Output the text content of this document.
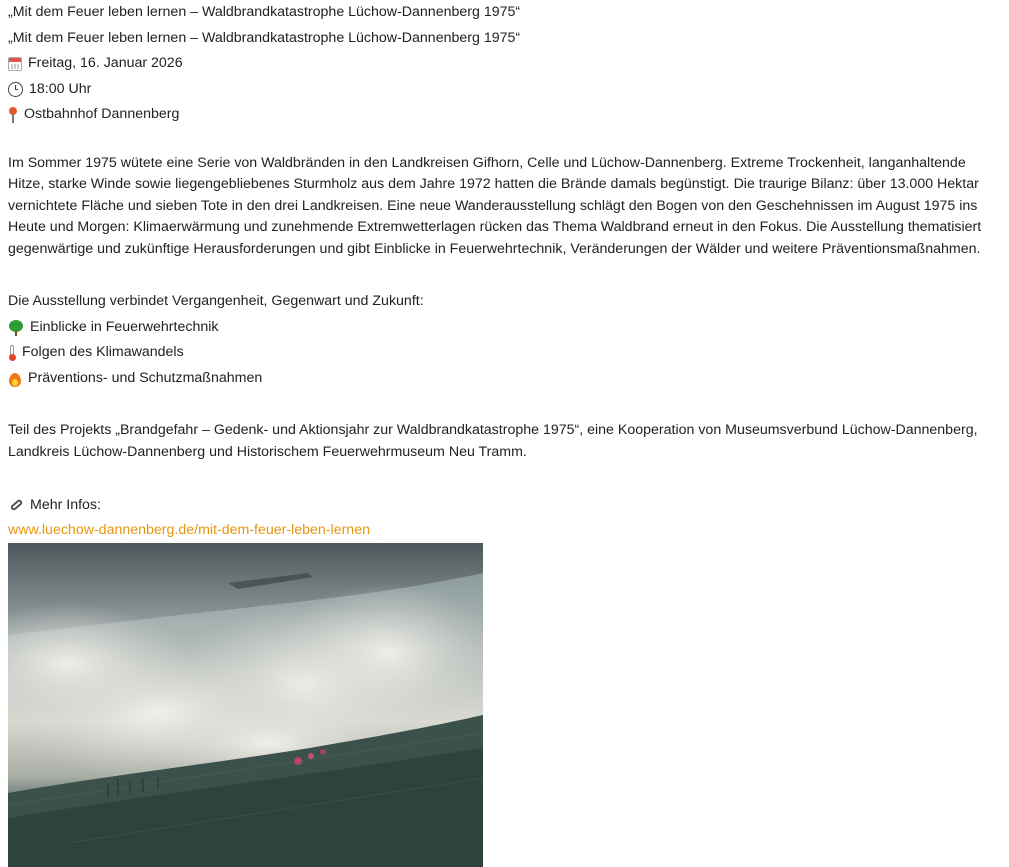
„Mit dem Feuer leben lernen – Waldbrandkatastrophe Lüchow-Dannenberg 1975“
„Mit dem Feuer leben lernen – Waldbrandkatastrophe Lüchow-Dannenberg 1975“
Freitag, 16. Januar 2026
18:00 Uhr
Ostbahnhof Dannenberg

Im Sommer 1975 wütete eine Serie von Waldbränden in den Landkreisen Gifhorn, Celle und Lüchow-Dannenberg. Extreme Trockenheit, langanhaltende Hitze, starke Winde sowie liegengebliebenes Sturmholz aus dem Jahre 1972 hatten die Brände damals begünstigt. Die traurige Bilanz: über 13.000 Hektar vernichtete Fläche und sieben Tote in den drei Landkreisen. Eine neue Wanderausstellung schlägt den Bogen von den Geschehnissen im August 1975 ins Heute und Morgen: Klimaerwärmung und zunehmende Extremwetterlagen rücken das Thema Waldbrand erneut in den Fokus. Die Ausstellung thematisiert gegenwärtige und zukünftige Herausforderungen und gibt Einblicke in Feuerwehrtechnik, Veränderungen der Wälder und weitere Präventionsmaßnahmen.

Die Ausstellung verbindet Vergangenheit, Gegenwart und Zukunft:
Einblicke in Feuerwehrtechnik
Folgen des Klimawandels
Präventions- und Schutzmaßnahmen

Teil des Projekts „Brandgefahr – Gedenk- und Aktionsjahr zur Waldbrandkatastrophe 1975“, eine Kooperation von Museumsverbund Lüchow-Dannenberg, Landkreis Lüchow-Dannenberg und Historischem Feuerwehrmuseum Neu Tramm.

Mehr Infos:
www.luechow-dannenberg.de/mit-dem-feuer-leben-lernen
